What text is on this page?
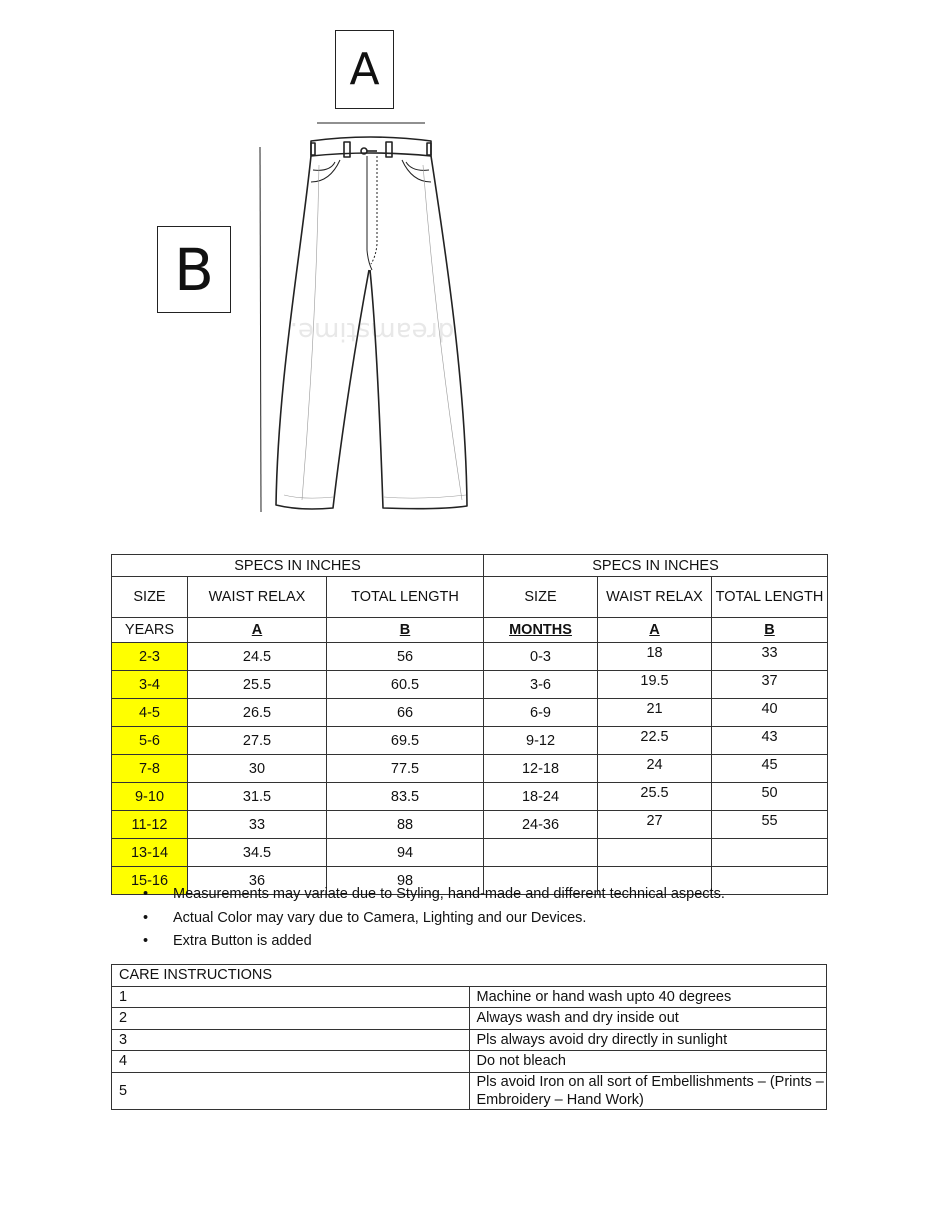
A
B
dreamstime.
SPECS IN INCHES			SPECS IN INCHES		
SIZE	WAIST RELAX	TOTAL LENGTH	SIZE	WAIST RELAX	TOTAL LENGTH
YEARS	A	B	MONTHS	A	B
2-3	24.5	56	0-3	18	33
3-4	25.5	60.5	3-6	19.5	37
4-5	26.5	66	6-9	21	40
5-6	27.5	69.5	9-12	22.5	43
7-8	30	77.5	12-18	24	45
9-10	31.5	83.5	18-24	25.5	50
11-12	33	88	24-36	27	55
13-14	34.5	94			
15-16	36	98			
• Measurements may variate due to Styling, hand-made and different technical aspects.
• Actual Color may vary due to Camera, Lighting and our Devices.
• Extra Button is added
CARE INSTRUCTIONS	
1	Machine or hand wash upto 40 degrees
2	Always wash and dry inside out
3	Pls always avoid dry directly in sunlight
4	Do not bleach
5	Pls avoid Iron on all sort of Embellishments – (Prints – Embroidery – Hand Work)
